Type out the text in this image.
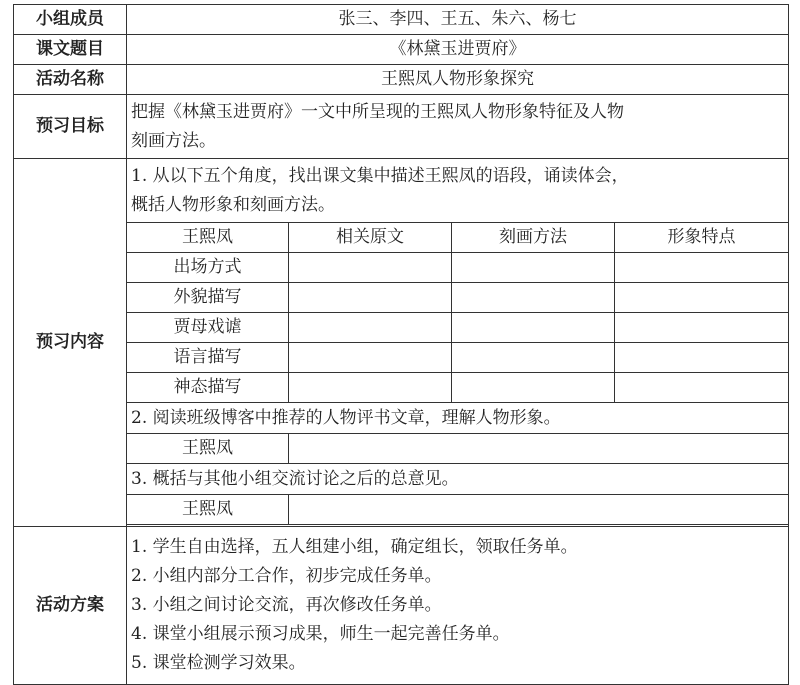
小组成员	张三、李四、王五、朱六、杨七			
课文题目	《林黛玉进贾府》			
活动名称	王熙凤人物形象探究			
预习目标	把握《林黛玉进贾府》一文中所呈现的王熙凤人物形象特征及人物
刻画方法。			

预习内容	1. 从以下五个角度，找出课文集中描述王熙凤的语段，诵读体会，
概括人物形象和刻画方法。			

	王熙凤	相关原文	刻画方法	形象特点
	出场方式			
	外貌描写			
	贾母戏谑			
	语言描写			
	神态描写			
	2. 阅读班级博客中推荐的人物评书文章，理解人物形象。			
	王熙凤			
	3. 概括与其他小组交流讨论之后的总意见。			
	王熙凤			

活动方案	1. 学生自由选择，五人组建小组，确定组长，领取任务单。
2. 小组内部分工合作，初步完成任务单。
3. 小组之间讨论交流，再次修改任务单。
4. 课堂小组展示预习成果，师生一起完善任务单。
5. 课堂检测学习效果。			
